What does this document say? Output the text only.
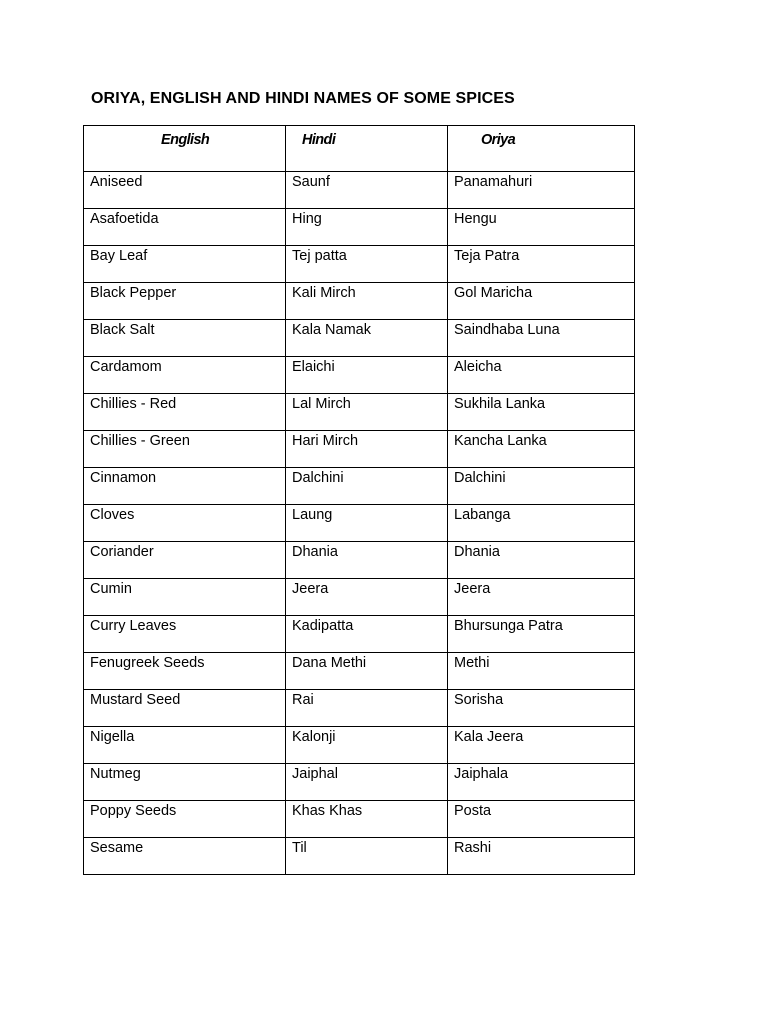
ORIYA, ENGLISH AND HINDI NAMES OF SOME SPICES
English	Hindi	Oriya
Aniseed	Saunf	Panamahuri
Asafoetida	Hing	Hengu
Bay Leaf	Tej patta	Teja Patra
Black Pepper	Kali Mirch	Gol Maricha
Black Salt	Kala Namak	Saindhaba Luna
Cardamom	Elaichi	Aleicha
Chillies - Red	Lal Mirch	Sukhila Lanka
Chillies - Green	Hari Mirch	Kancha Lanka
Cinnamon	Dalchini	Dalchini
Cloves	Laung	Labanga
Coriander	Dhania	Dhania
Cumin	Jeera	Jeera
Curry Leaves	Kadipatta	Bhursunga Patra
Fenugreek Seeds	Dana Methi	Methi
Mustard Seed	Rai	Sorisha
Nigella	Kalonji	Kala Jeera
Nutmeg	Jaiphal	Jaiphala
Poppy Seeds	Khas Khas	Posta
Sesame	Til	Rashi
